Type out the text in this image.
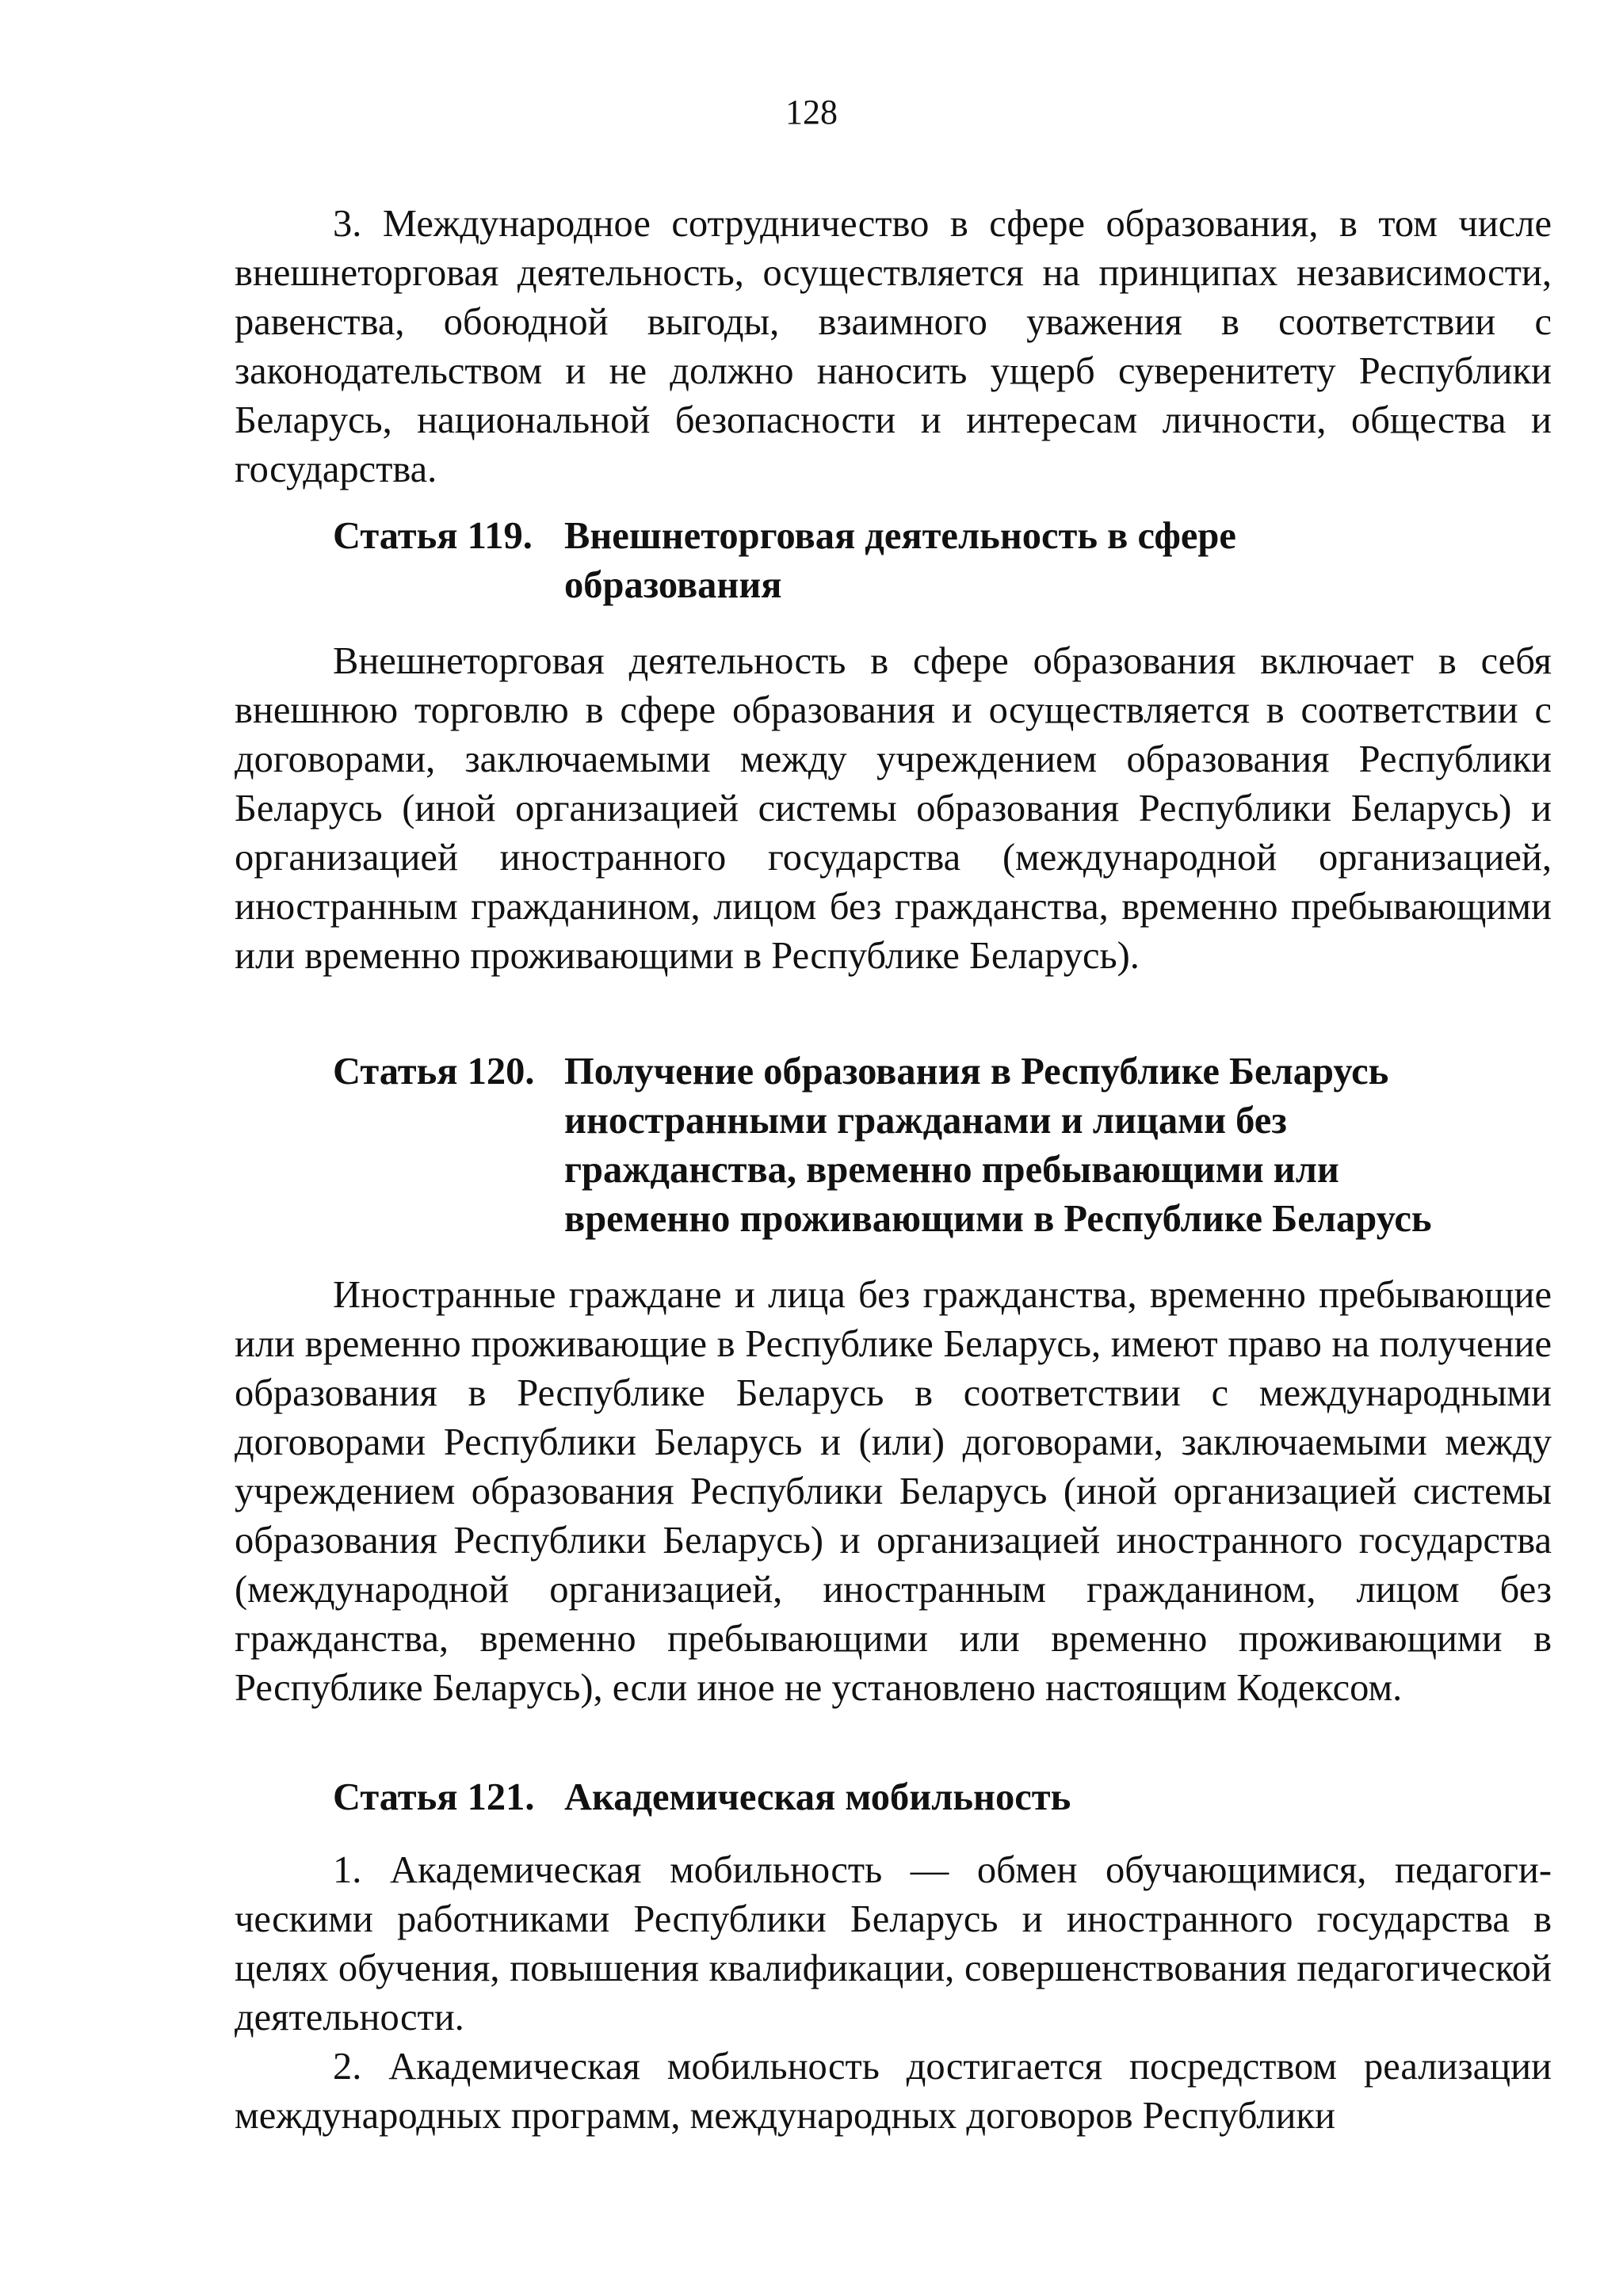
128

3. Международное сотрудничество в сфере образования, в том числе внешнеторговая деятельность, осуществляется на принципах независимости, равенства, обоюдной выгоды, взаимного уважения в соответствии с законодательством и не должно наносить ущерб суверенитету Республики Беларусь, национальной безопасности и интересам личности, общества и государства.

Статья 119. Внешнеторговая деятельность в сфере
образования

Внешнеторговая деятельность в сфере образования включает в себя внешнюю торговлю в сфере образования и осуществляется в соответствии с договорами, заключаемыми между учреждением образования Республики Беларусь (иной организацией системы образования Республики Беларусь) и организацией иностранного государства (международной организацией, иностранным гражданином, лицом без гражданства, временно пребывающими или временно проживающими в Республике Беларусь).

Статья 120. Получение образования в Республике Беларусь
иностранными гражданами и лицами без
гражданства, временно пребывающими или
временно проживающими в Республике Беларусь

Иностранные граждане и лица без гражданства, временно пребывающие или временно проживающие в Республике Беларусь, имеют право на получение образования в Республике Беларусь в соответствии с международными договорами Республики Беларусь и (или) договорами, заключаемыми между учреждением образования Республики Беларусь (иной организацией системы образования Республики Беларусь) и организацией иностранного государства (международной организацией, иностранным гражданином, лицом без гражданства, временно пребывающими или временно проживающими в Республике Беларусь), если иное не установлено настоящим Кодексом.

Статья 121. Академическая мобильность

1. Академическая мобильность — обмен обучающимися, педагогическими работниками Республики Беларусь и иностранного государства в целях обучения, повышения квалификации, совершенствования педагогической деятельности.

2. Академическая мобильность достигается посредством реализации международных программ, международных договоров Республики
